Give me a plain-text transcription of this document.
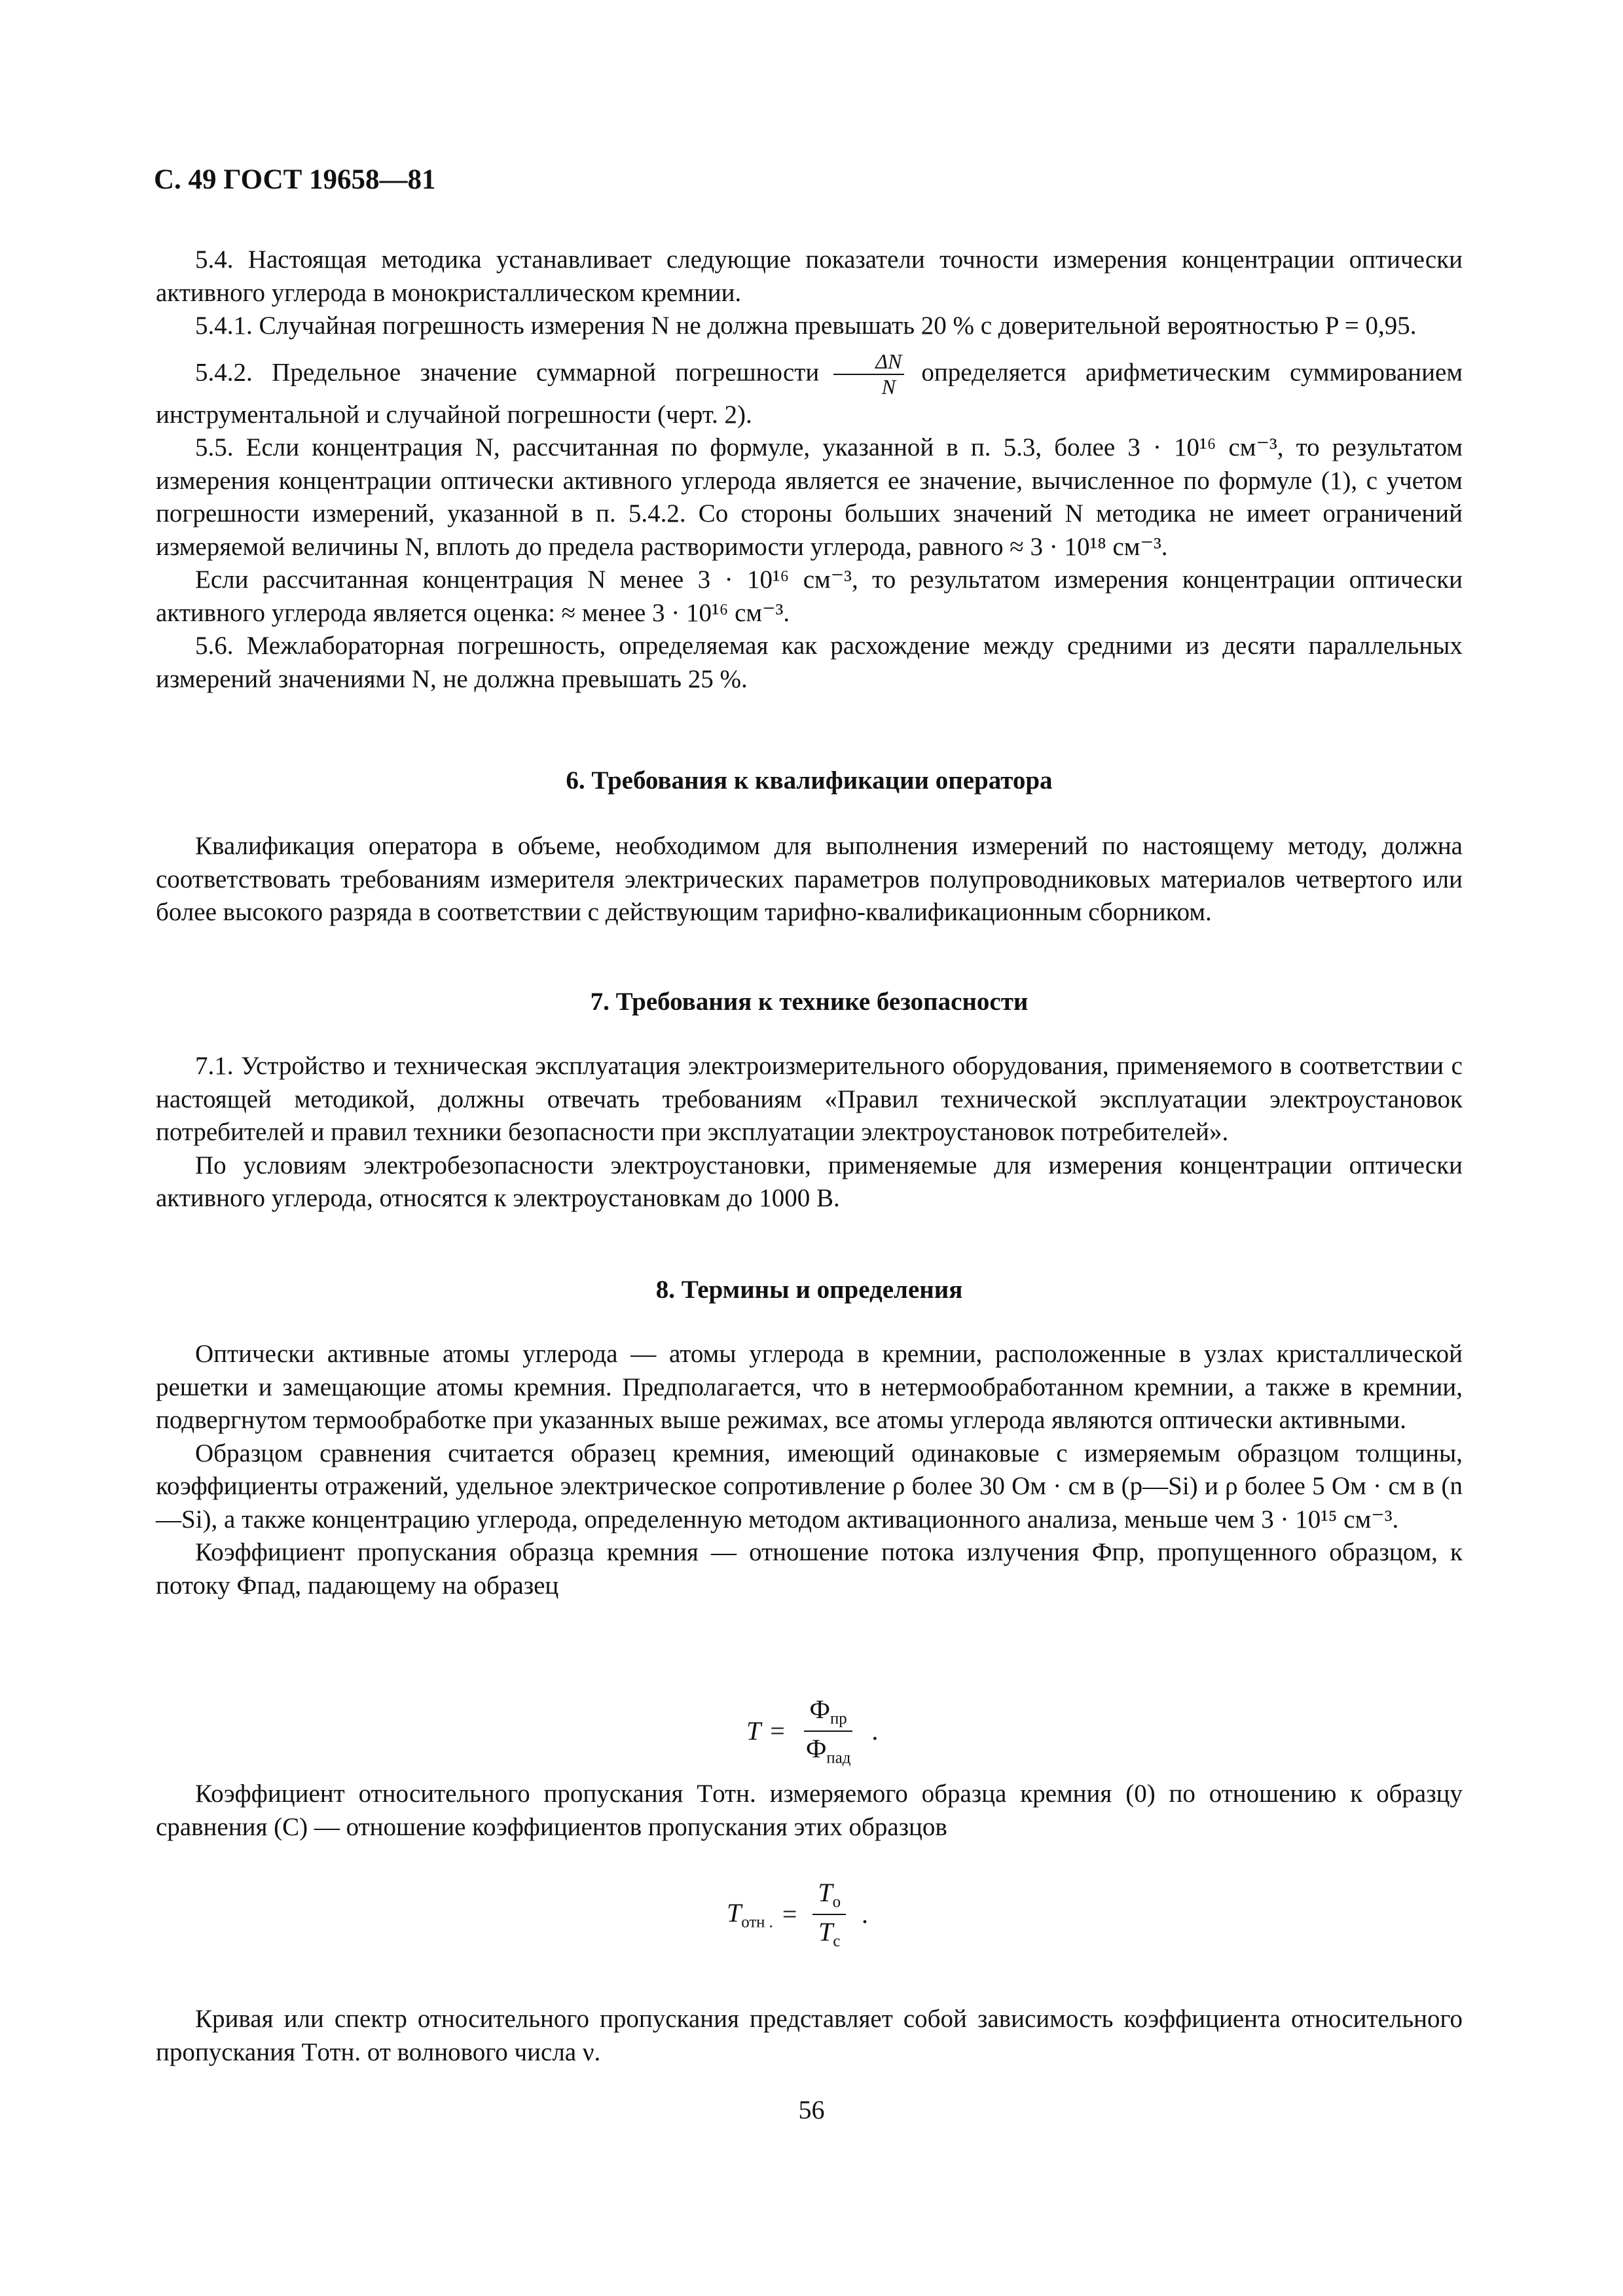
С. 49 ГОСТ 19658—81

5.4. Настоящая методика устанавливает следующие показатели точности измерения концентрации оптически активного углерода в монокристаллическом кремнии.

5.4.1. Случайная погрешность измерения N не должна превышать 20 % с доверительной вероятностью P = 0,95.

5.4.2. Предельное значение суммарной погрешности $\frac{\Delta N}{N}$ определяется арифметическим суммированием инструментальной и случайной погрешности (черт. 2).

5.5. Если концентрация N, рассчитанная по формуле, указанной в п. 5.3, более 3 · 10¹⁶ см⁻³, то результатом измерения концентрации оптически активного углерода является ее значение, вычисленное по формуле (1), с учетом погрешности измерений, указанной в п. 5.4.2. Со стороны больших значений N методика не имеет ограничений измеряемой величины N, вплоть до предела растворимости углерода, равного ≈ 3 · 10¹⁸ см⁻³.

Если рассчитанная концентрация N менее 3 · 10¹⁶ см⁻³, то результатом измерения концентрации оптически активного углерода является оценка: ≈ менее 3 · 10¹⁶ см⁻³.

5.6. Межлабораторная погрешность, определяемая как расхождение между средними из десяти параллельных измерений значениями N, не должна превышать 25 %.

6. Требования к квалификации оператора

Квалификация оператора в объеме, необходимом для выполнения измерений по настоящему методу, должна соответствовать требованиям измерителя электрических параметров полупроводниковых материалов четвертого или более высокого разряда в соответствии с действующим тарифно-квалификационным сборником.

7. Требования к технике безопасности

7.1. Устройство и техническая эксплуатация электроизмерительного оборудования, применяемого в соответствии с настоящей методикой, должны отвечать требованиям «Правил технической эксплуатации электроустановок потребителей и правил техники безопасности при эксплуатации электроустановок потребителей».

По условиям электробезопасности электроустановки, применяемые для измерения концентрации оптически активного углерода, относятся к электроустановкам до 1000 В.

8. Термины и определения

Оптически активные атомы углерода — атомы углерода в кремнии, расположенные в узлах кристаллической решетки и замещающие атомы кремния. Предполагается, что в нетермообработанном кремнии, а также в кремнии, подвергнутом термообработке при указанных выше режимах, все атомы углерода являются оптически активными.

Образцом сравнения считается образец кремния, имеющий одинаковые с измеряемым образцом толщины, коэффициенты отражений, удельное электрическое сопротивление ρ более 30 Ом · см в (p—Si) и ρ более 5 Ом · см в (n—Si), а также концентрацию углерода, определенную методом активационного анализа, меньше чем 3 · 10¹⁵ см⁻³.

Коэффициент пропускания образца кремния — отношение потока излучения Фпр, пропущенного образцом, к потоку Фпад, падающему на образец

$T = \frac{Ф_{пр}}{Ф_{пад}}$ .

Коэффициент относительного пропускания Tотн. измеряемого образца кремния (0) по отношению к образцу сравнения (С) — отношение коэффициентов пропускания этих образцов

$T_{отн .} = \frac{T_о}{T_с}$ .

Кривая или спектр относительного пропускания представляет собой зависимость коэффициента относительного пропускания Tотн. от волнового числа ν.

56
